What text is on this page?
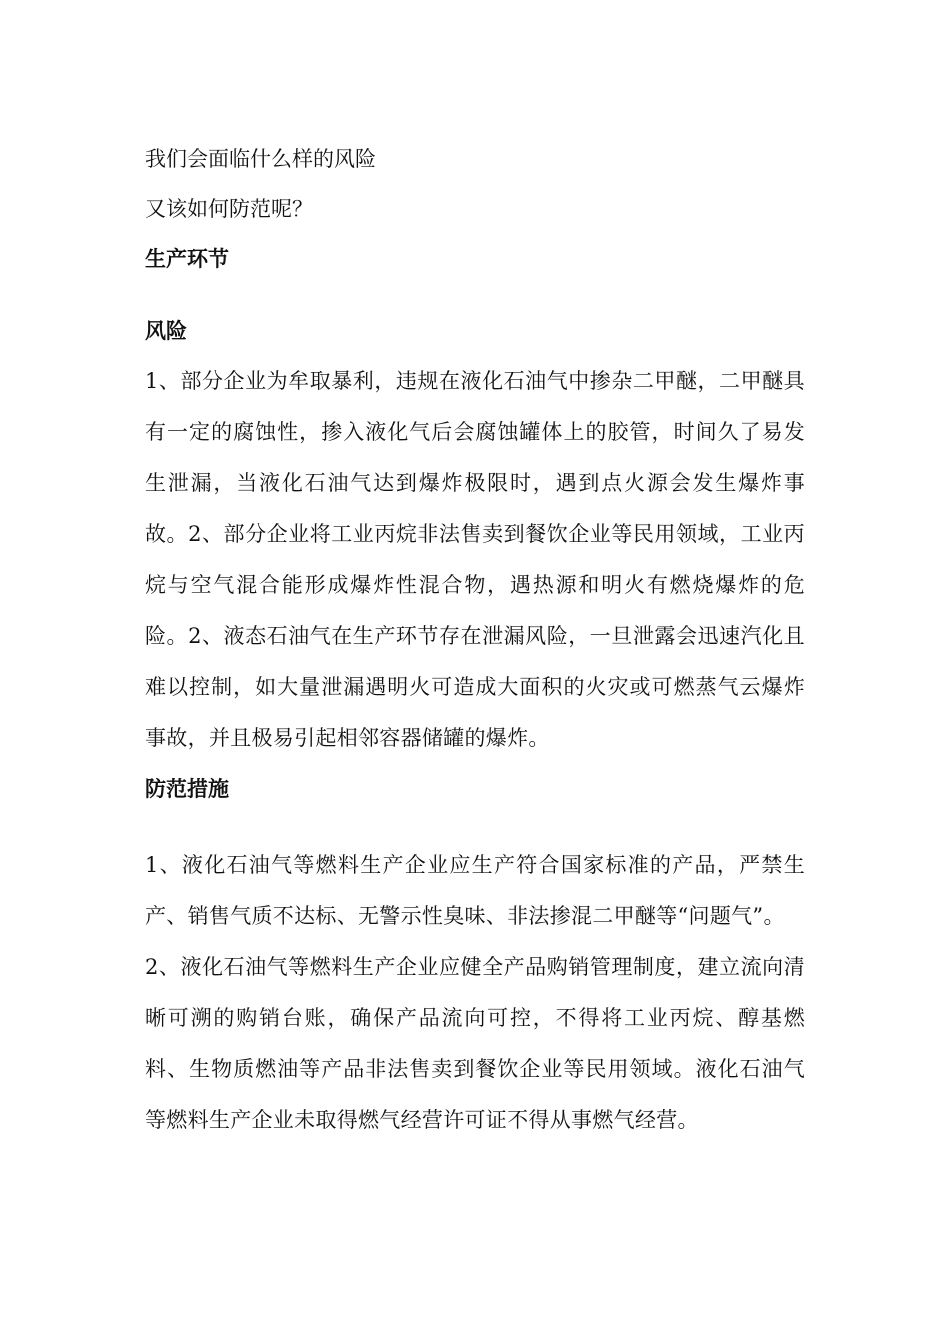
我们会面临什么样的风险

又该如何防范呢？

生产环节

风险

1、部分企业为牟取暴利，违规在液化石油气中掺杂二甲醚，二甲醚具有一定的腐蚀性，掺入液化气后会腐蚀罐体上的胶管，时间久了易发生泄漏，当液化石油气达到爆炸极限时，遇到点火源会发生爆炸事故。2、部分企业将工业丙烷非法售卖到餐饮企业等民用领域，工业丙烷与空气混合能形成爆炸性混合物，遇热源和明火有燃烧爆炸的危险。2、液态石油气在生产环节存在泄漏风险，一旦泄露会迅速汽化且难以控制，如大量泄漏遇明火可造成大面积的火灾或可燃蒸气云爆炸事故，并且极易引起相邻容器储罐的爆炸。

防范措施

1、液化石油气等燃料生产企业应生产符合国家标准的产品，严禁生产、销售气质不达标、无警示性臭味、非法掺混二甲醚等“问题气”。

2、液化石油气等燃料生产企业应健全产品购销管理制度，建立流向清晰可溯的购销台账，确保产品流向可控，不得将工业丙烷、醇基燃料、生物质燃油等产品非法售卖到餐饮企业等民用领域。液化石油气等燃料生产企业未取得燃气经营许可证不得从事燃气经营。
